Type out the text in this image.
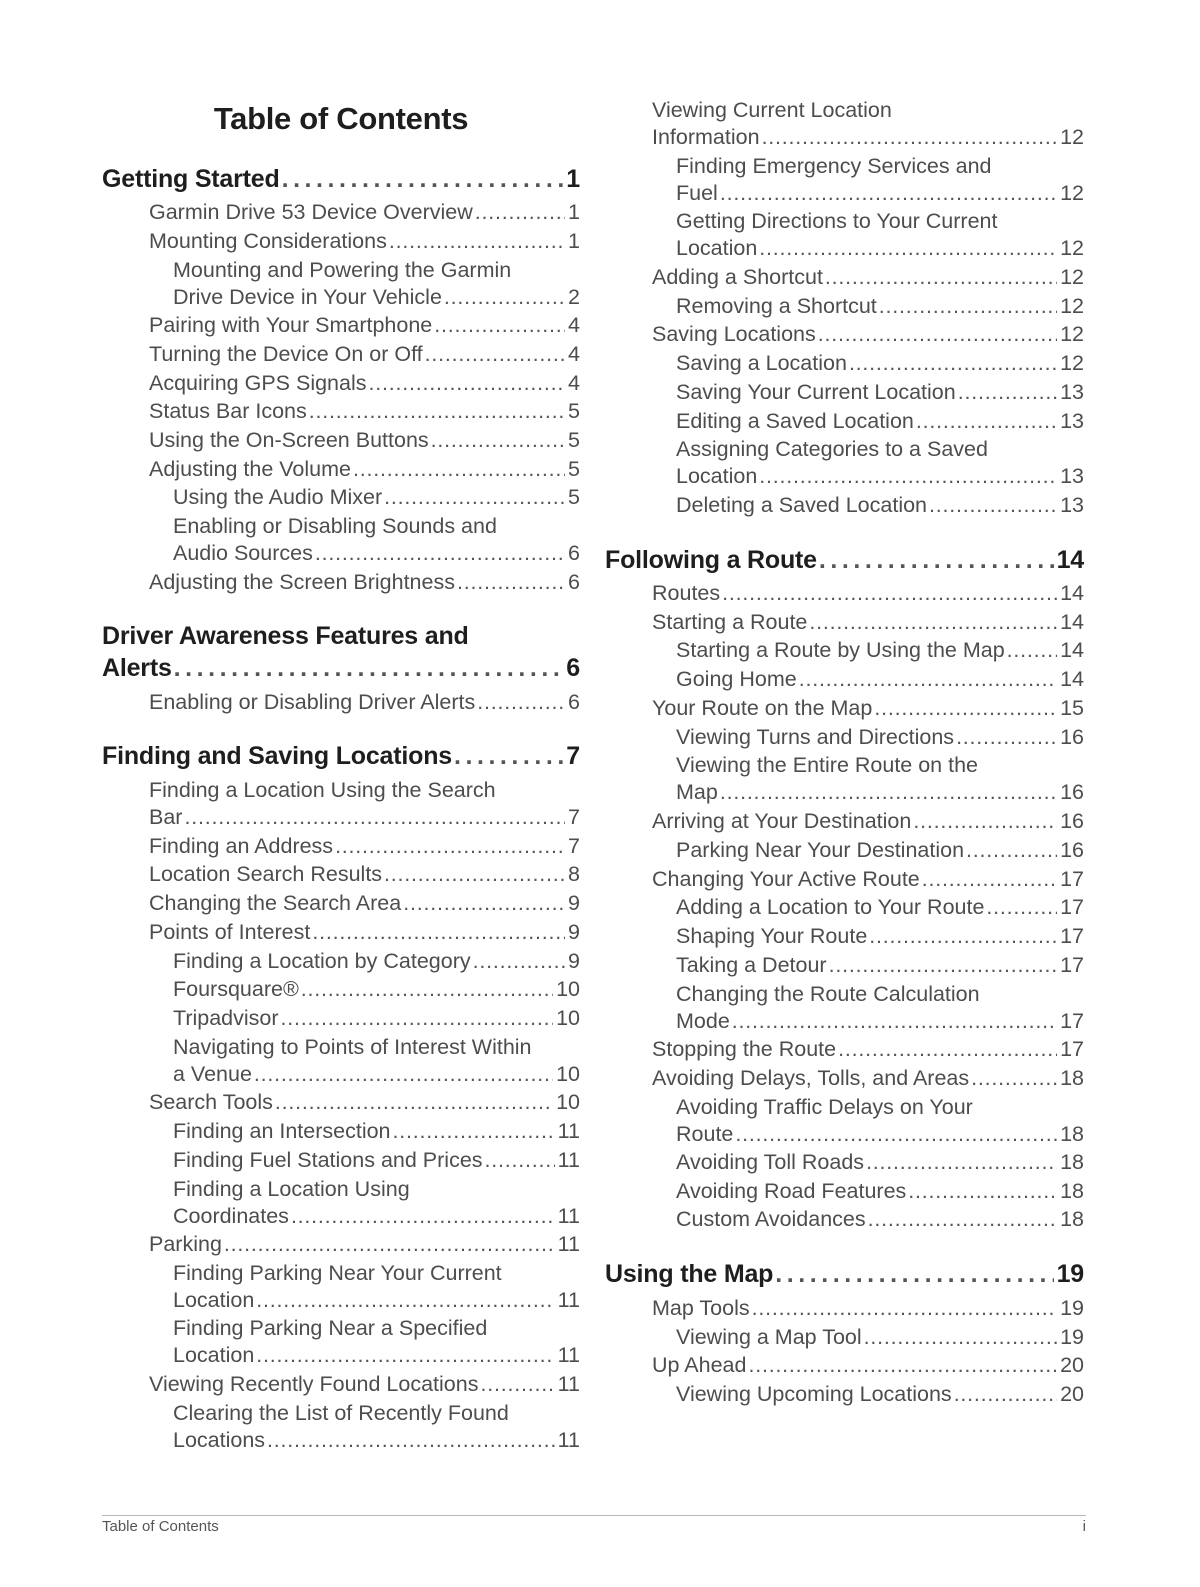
Table of Contents
Getting Started . . .	1
Garmin Drive 53 Device Overview . . .	1
Mounting Considerations . . .	1
Mounting and Powering the Garmin
Drive Device in Your Vehicle . . .	2
Pairing with Your Smartphone . . .	4
Turning the Device On or Off . . .	4
Acquiring GPS Signals . . .	4
Status Bar Icons . . .	5
Using the On-Screen Buttons . . .	5
Adjusting the Volume . . .	5
Using the Audio Mixer . . .	5
Enabling or Disabling Sounds and
Audio Sources . . .	6
Adjusting the Screen Brightness . . .	6
Driver Awareness Features and
Alerts . . .	6
Enabling or Disabling Driver Alerts . . .	6
Finding and Saving Locations . . .	7
Finding a Location Using the Search
Bar . . .	7
Finding an Address . . .	7
Location Search Results . . .	8
Changing the Search Area . . .	9
Points of Interest . . .	9
Finding a Location by Category . . .	9
Foursquare® . . .	10
Tripadvisor . . .	10
Navigating to Points of Interest Within
a Venue . . .	10
Search Tools . . .	10
Finding an Intersection . . .	11
Finding Fuel Stations and Prices . . .	11
Finding a Location Using
Coordinates . . .	11
Parking . . .	11
Finding Parking Near Your Current
Location . . .	11
Finding Parking Near a Specified
Location . . .	11
Viewing Recently Found Locations . . .	11
Clearing the List of Recently Found
Locations . . .	11
Viewing Current Location
Information . . .	12
Finding Emergency Services and
Fuel . . .	12
Getting Directions to Your Current
Location . . .	12
Adding a Shortcut . . .	12
Removing a Shortcut . . .	12
Saving Locations . . .	12
Saving a Location . . .	12
Saving Your Current Location . . .	13
Editing a Saved Location . . .	13
Assigning Categories to a Saved
Location . . .	13
Deleting a Saved Location . . .	13
Following a Route . . .	14
Routes . . .	14
Starting a Route . . .	14
Starting a Route by Using the Map . . .	14
Going Home . . .	14
Your Route on the Map . . .	15
Viewing Turns and Directions . . .	16
Viewing the Entire Route on the
Map . . .	16
Arriving at Your Destination . . .	16
Parking Near Your Destination . . .	16
Changing Your Active Route . . .	17
Adding a Location to Your Route . . .	17
Shaping Your Route . . .	17
Taking a Detour . . .	17
Changing the Route Calculation
Mode . . .	17
Stopping the Route . . .	17
Avoiding Delays, Tolls, and Areas . . .	18
Avoiding Traffic Delays on Your
Route . . .	18
Avoiding Toll Roads . . .	18
Avoiding Road Features . . .	18
Custom Avoidances . . .	18
Using the Map . . .	19
Map Tools . . .	19
Viewing a Map Tool . . .	19
Up Ahead . . .	20
Viewing Upcoming Locations . . .	20
Table of Contents	i
